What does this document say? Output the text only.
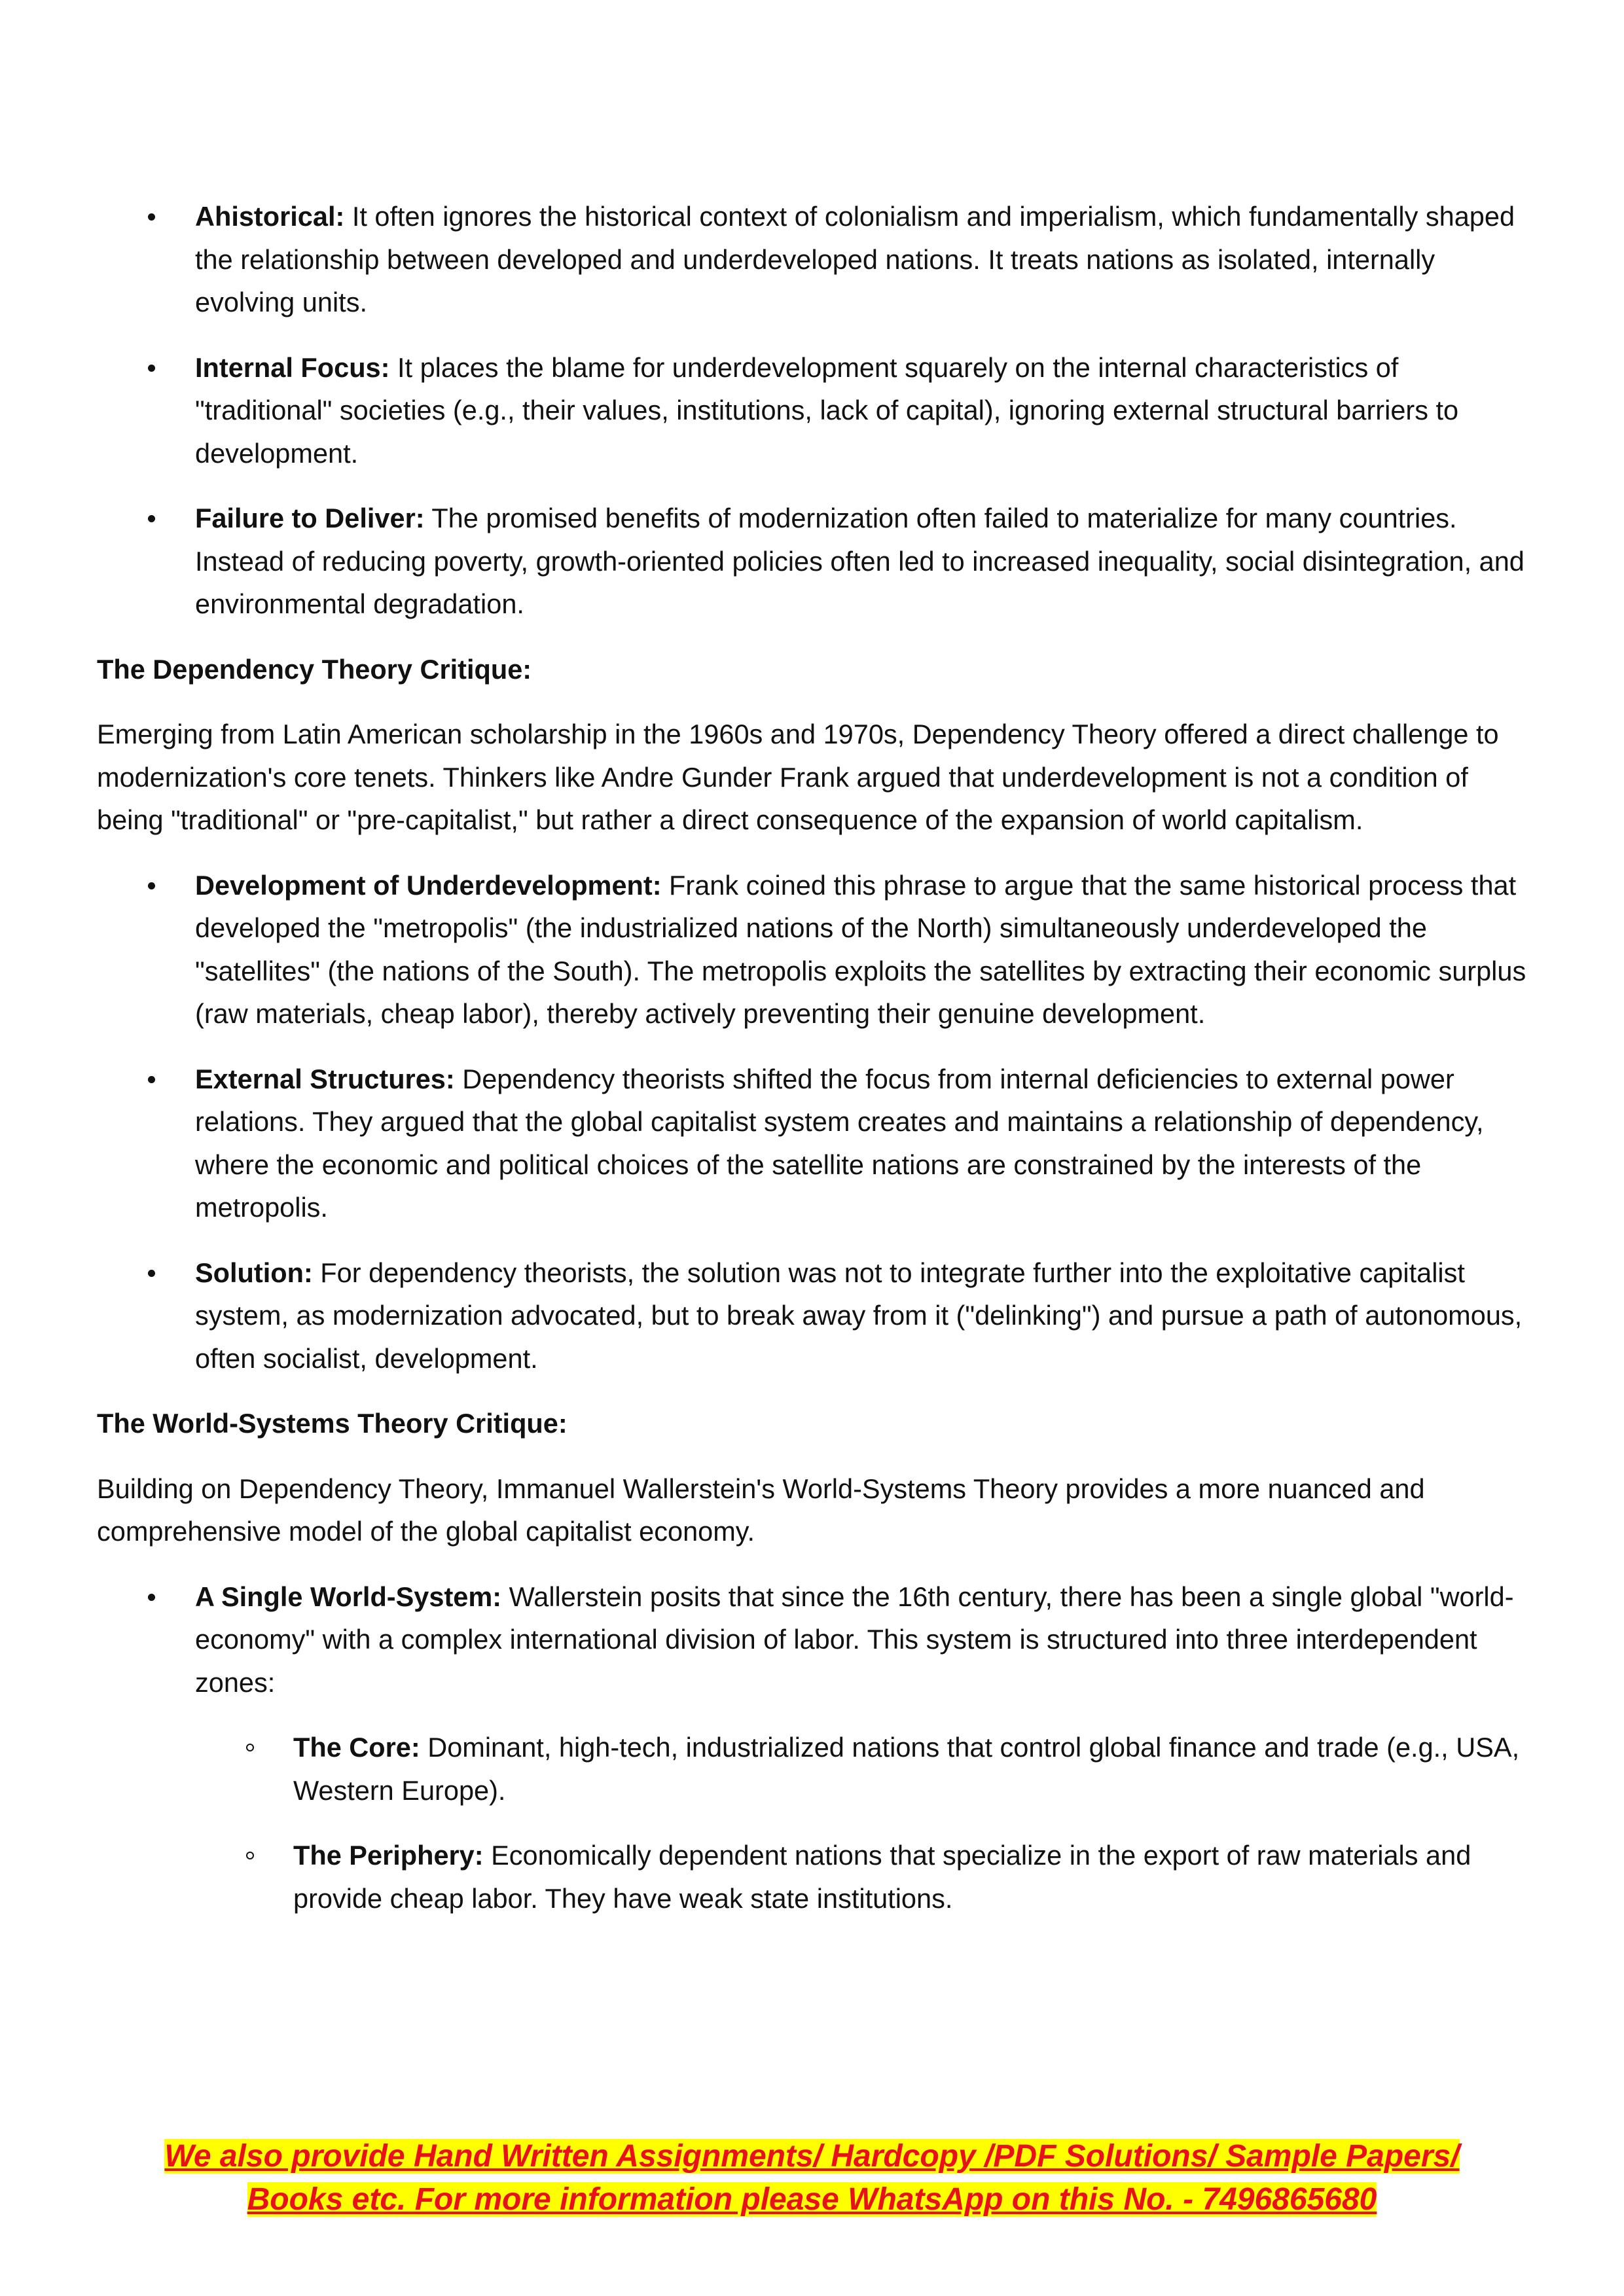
Ahistorical: It often ignores the historical context of colonialism and imperialism, which fundamentally shaped the relationship between developed and underdeveloped nations. It treats nations as isolated, internally evolving units.
Internal Focus: It places the blame for underdevelopment squarely on the internal characteristics of "traditional" societies (e.g., their values, institutions, lack of capital), ignoring external structural barriers to development.
Failure to Deliver: The promised benefits of modernization often failed to materialize for many countries. Instead of reducing poverty, growth-oriented policies often led to increased inequality, social disintegration, and environmental degradation.
The Dependency Theory Critique:

Emerging from Latin American scholarship in the 1960s and 1970s, Dependency Theory offered a direct challenge to modernization's core tenets. Thinkers like Andre Gunder Frank argued that underdevelopment is not a condition of being "traditional" or "pre-capitalist," but rather a direct consequence of the expansion of world capitalism.

Development of Underdevelopment: Frank coined this phrase to argue that the same historical process that developed the "metropolis" (the industrialized nations of the North) simultaneously underdeveloped the "satellites" (the nations of the South). The metropolis exploits the satellites by extracting their economic surplus (raw materials, cheap labor), thereby actively preventing their genuine development.
External Structures: Dependency theorists shifted the focus from internal deficiencies to external power relations. They argued that the global capitalist system creates and maintains a relationship of dependency, where the economic and political choices of the satellite nations are constrained by the interests of the metropolis.
Solution: For dependency theorists, the solution was not to integrate further into the exploitative capitalist system, as modernization advocated, but to break away from it ("delinking") and pursue a path of autonomous, often socialist, development.
The World-Systems Theory Critique:

Building on Dependency Theory, Immanuel Wallerstein's World-Systems Theory provides a more nuanced and comprehensive model of the global capitalist economy.

A Single World-System: Wallerstein posits that since the 16th century, there has been a single global "world-economy" with a complex international division of labor. This system is structured into three interdependent zones:
The Core: Dominant, high-tech, industrialized nations that control global finance and trade (e.g., USA, Western Europe).
The Periphery: Economically dependent nations that specialize in the export of raw materials and provide cheap labor. They have weak state institutions.
We also provide Hand Written Assignments/ Hardcopy /PDF Solutions/ Sample Papers/
Books etc. For more information please WhatsApp on this No. - 7496865680
